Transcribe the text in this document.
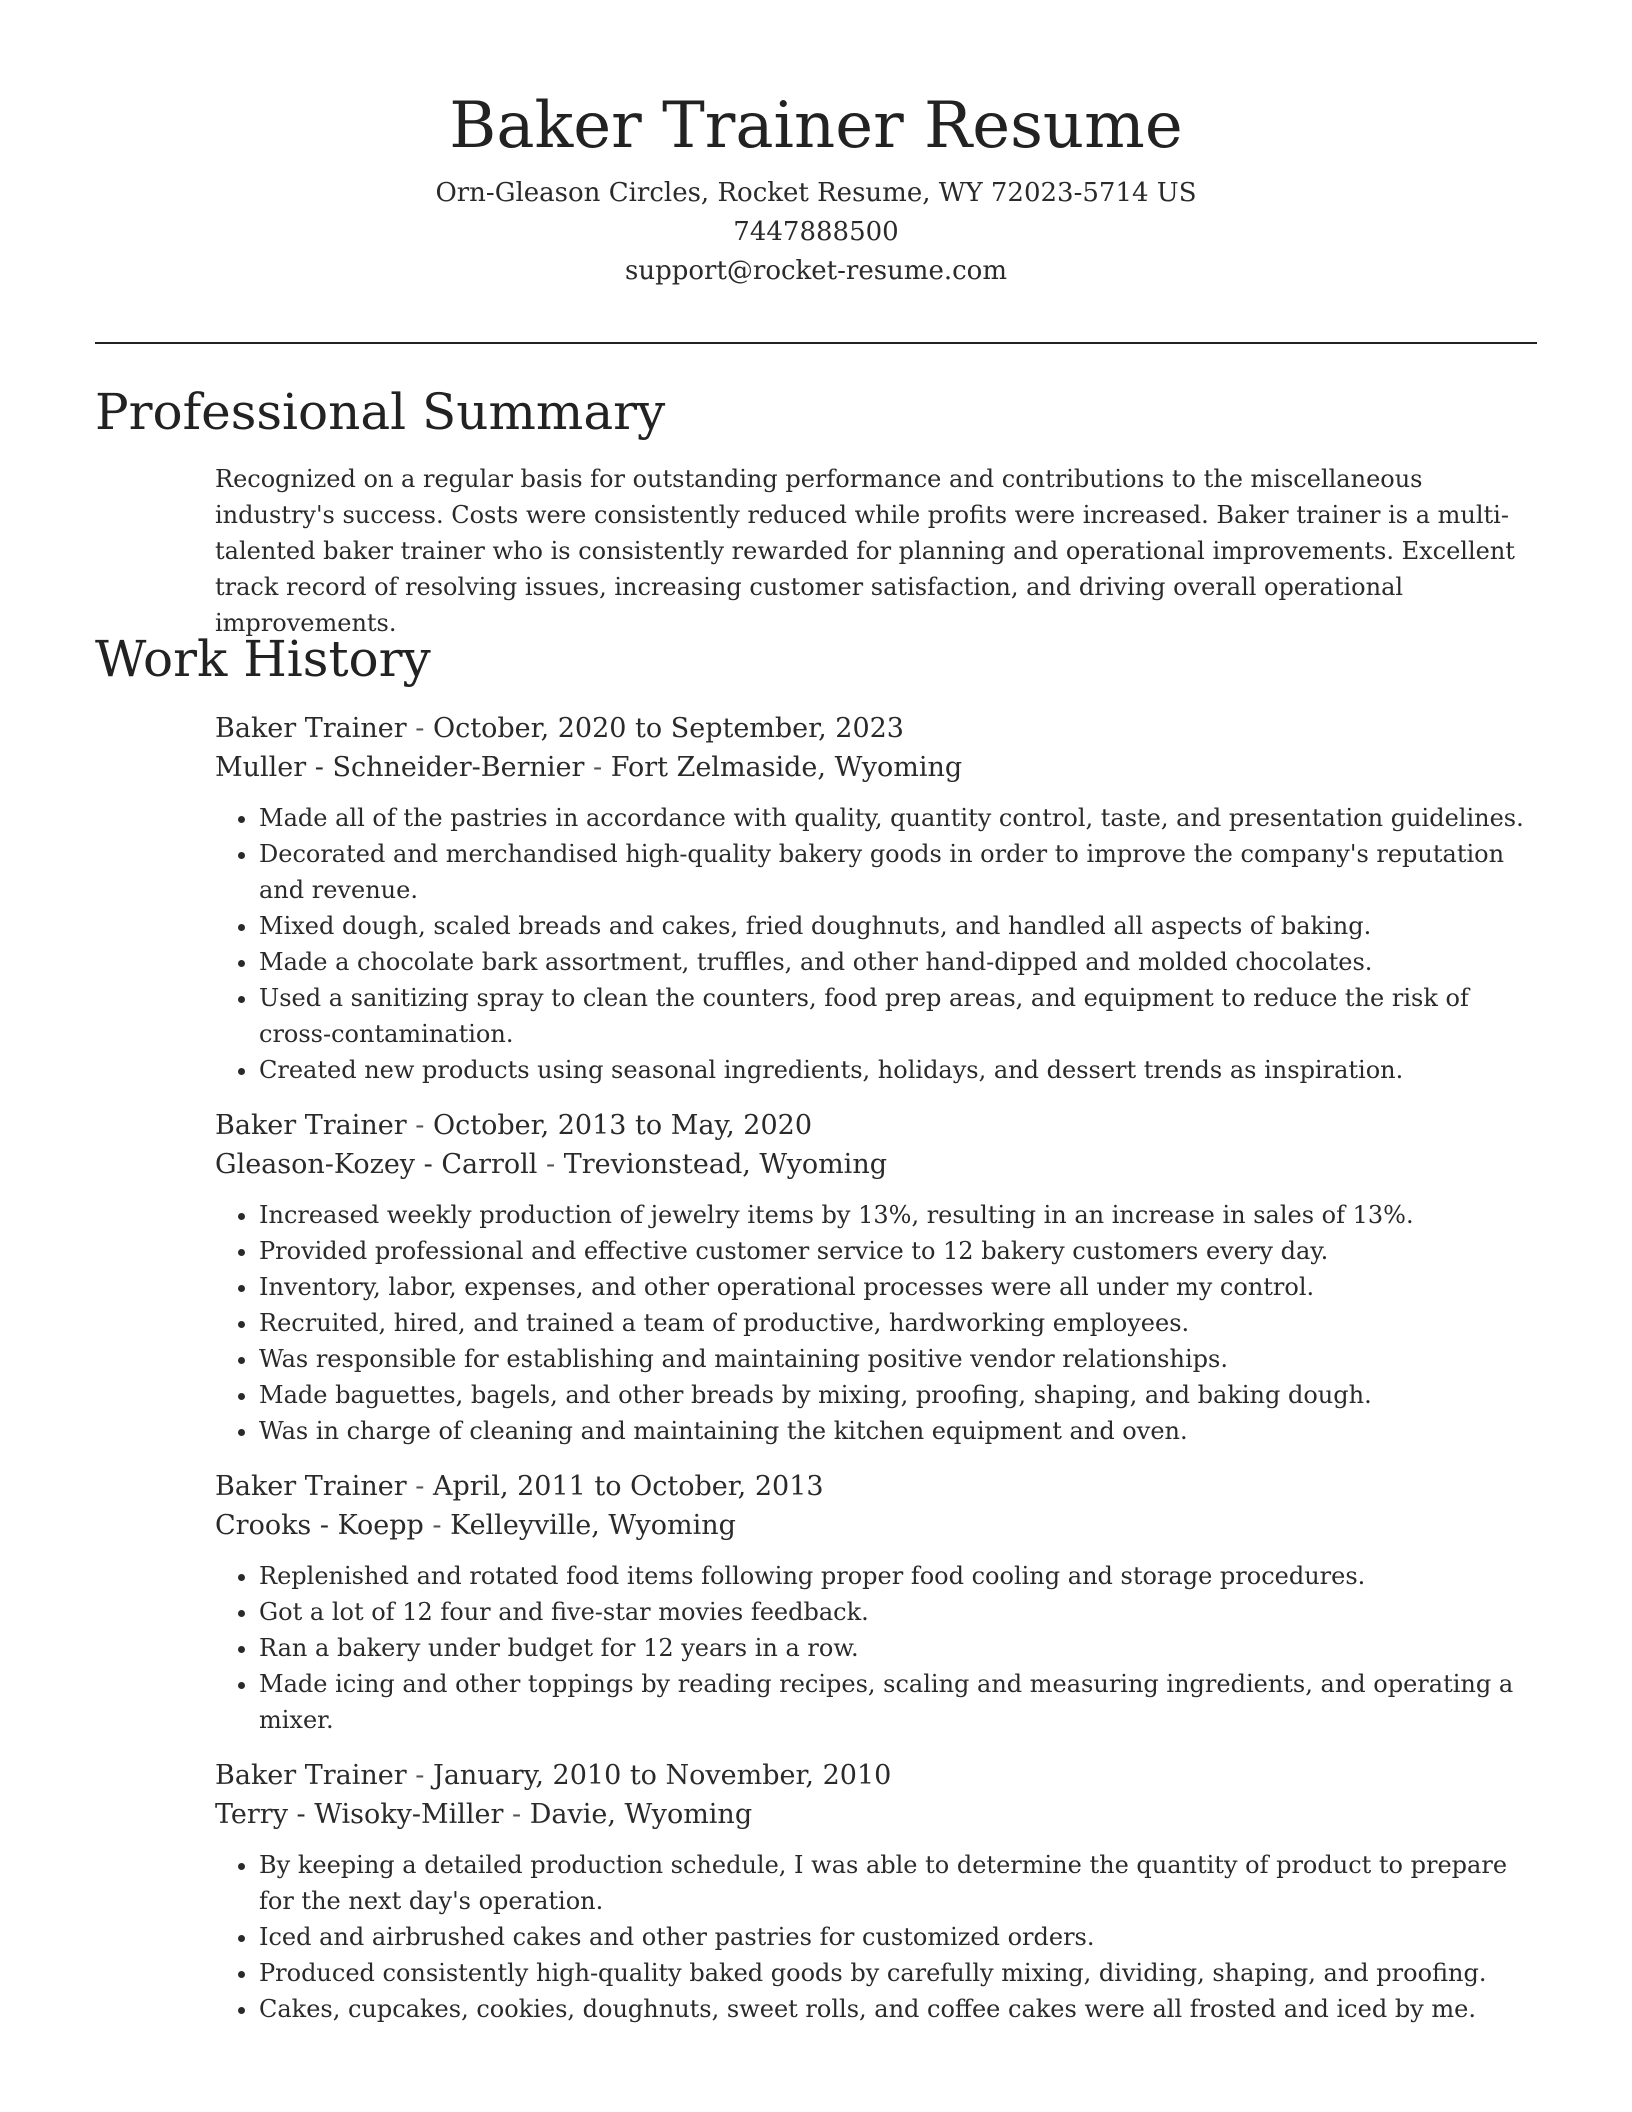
Baker Trainer Resume
Orn-Gleason Circles, Rocket Resume, WY 72023-5714 US
7447888500
support@rocket-resume.com
Professional Summary
Recognized on a regular basis for outstanding performance and contributions to the miscellaneous industry's success. Costs were consistently reduced while profits were increased. Baker trainer is a multi-talented baker trainer who is consistently rewarded for planning and operational improvements. Excellent track record of resolving issues, increasing customer satisfaction, and driving overall operational improvements.
Work History
Baker Trainer - October, 2020 to September, 2023
Muller - Schneider-Bernier - Fort Zelmaside, Wyoming
• Made all of the pastries in accordance with quality, quantity control, taste, and presentation guidelines.
• Decorated and merchandised high-quality bakery goods in order to improve the company's reputation and revenue.
• Mixed dough, scaled breads and cakes, fried doughnuts, and handled all aspects of baking.
• Made a chocolate bark assortment, truffles, and other hand-dipped and molded chocolates.
• Used a sanitizing spray to clean the counters, food prep areas, and equipment to reduce the risk of cross-contamination.
• Created new products using seasonal ingredients, holidays, and dessert trends as inspiration.
Baker Trainer - October, 2013 to May, 2020
Gleason-Kozey - Carroll - Trevionstead, Wyoming
• Increased weekly production of jewelry items by 13%, resulting in an increase in sales of 13%.
• Provided professional and effective customer service to 12 bakery customers every day.
• Inventory, labor, expenses, and other operational processes were all under my control.
• Recruited, hired, and trained a team of productive, hardworking employees.
• Was responsible for establishing and maintaining positive vendor relationships.
• Made baguettes, bagels, and other breads by mixing, proofing, shaping, and baking dough.
• Was in charge of cleaning and maintaining the kitchen equipment and oven.
Baker Trainer - April, 2011 to October, 2013
Crooks - Koepp - Kelleyville, Wyoming
• Replenished and rotated food items following proper food cooling and storage procedures.
• Got a lot of 12 four and five-star movies feedback.
• Ran a bakery under budget for 12 years in a row.
• Made icing and other toppings by reading recipes, scaling and measuring ingredients, and operating a mixer.
Baker Trainer - January, 2010 to November, 2010
Terry - Wisoky-Miller - Davie, Wyoming
• By keeping a detailed production schedule, I was able to determine the quantity of product to prepare for the next day's operation.
• Iced and airbrushed cakes and other pastries for customized orders.
• Produced consistently high-quality baked goods by carefully mixing, dividing, shaping, and proofing.
• Cakes, cupcakes, cookies, doughnuts, sweet rolls, and coffee cakes were all frosted and iced by me.
